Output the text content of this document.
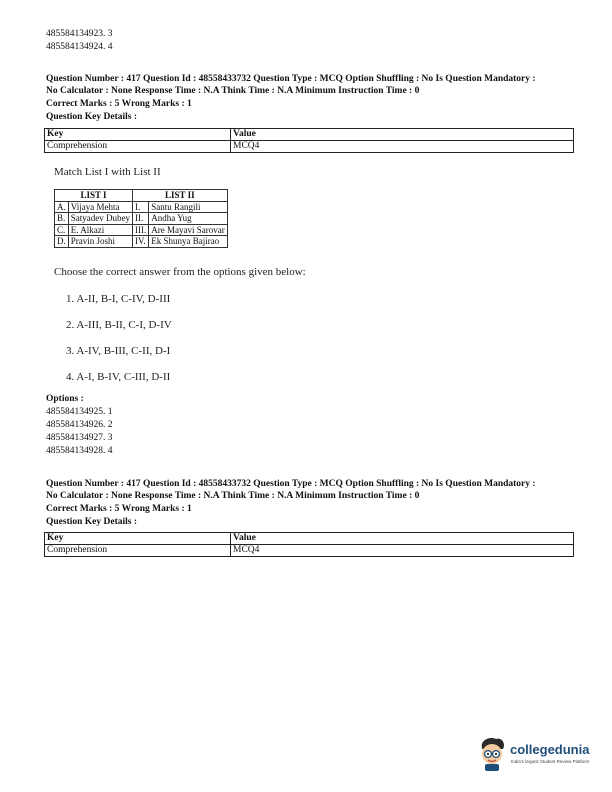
485584134923. 3
485584134924. 4
Question Number : 417 Question Id : 48558433732 Question Type : MCQ Option Shuffling : No Is Question Mandatory :
No Calculator : None Response Time : N.A Think Time : N.A Minimum Instruction Time : 0
Correct Marks : 5 Wrong Marks : 1
Question Key Details :
Key	Value
Comprehension	MCQ4
Match List I with List II
LIST I		LIST II	
A.	Vijaya Mehta	I.	Santu Rangili
B.	Satyadev Dubey	II.	Andha Yug
C.	E. Alkazi	III.	Are Mayavi Sarovar
D.	Pravin Joshi	IV.	Ek Shunya Bajirao
Choose the correct answer from the options given below:
1. A-II, B-I, C-IV, D-III
2. A-III, B-II, C-I, D-IV
3. A-IV, B-III, C-II, D-I
4. A-I, B-IV, C-III, D-II
Options :
485584134925. 1
485584134926. 2
485584134927. 3
485584134928. 4
Question Number : 417 Question Id : 48558433732 Question Type : MCQ Option Shuffling : No Is Question Mandatory :
No Calculator : None Response Time : N.A Think Time : N.A Minimum Instruction Time : 0
Correct Marks : 5 Wrong Marks : 1
Question Key Details :
Key	Value
Comprehension	MCQ4
collegedunia
India's largest Student Review Platform
